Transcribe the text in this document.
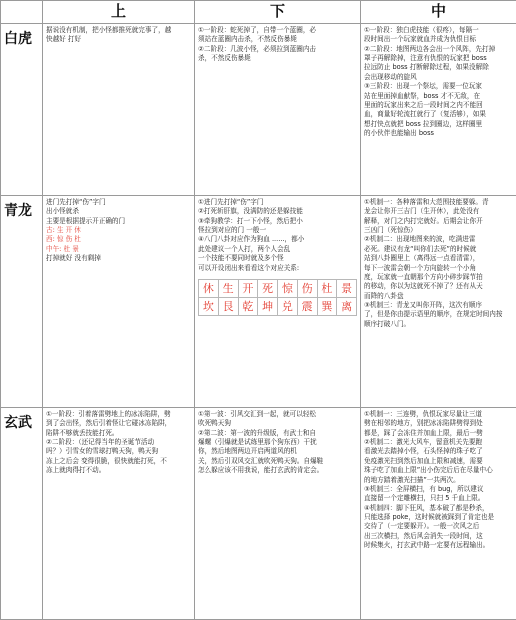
	上	下	中
白虎	
据说没有机制，把小怪都推死就完事了，越
快越好 打好

①一阶段：蛇死掉了，自带一个蓝圈，必
须站在蓝圈内击杀，不然反伤暴毙
②二阶段：几波小怪，必须拉到蓝圈内击
杀，不然反伤暴毙

①一阶段：独白虎技能（很疼），每隔一
段时间出一个玩家就血并成为仇恨目标
②二阶段：地图两边各会出一个风阵，先打掉
罩子再解除掉，注意有仇恨的玩家把 boss
拉远防止 boss 打断解除过程，如果没解除
会出现移动的旋风
③三阶段：出现一个祭坛，需要一位玩家
站在里面掉血献祭，boss 才不无敌，在
里面的玩家出来之后一段时间之内不能回
血，商量好轮流扛就行了（复活够），如果
想打快点就把 boss 拉到圈边，这样圈里
的小伙伴也能输出 boss

青龙	
进门先打掉“伤”字门
出小怪就杀
主要是根据提示开正确的门
古: 生 开 休
西: 惊 伤 杜
中午: 杜 景
打掉就好 没有剩掉

①进门先打掉“伤”字门
②打死斩肝旗，没满防的还是躲技能
③牵狗教学：打一下小怪，然后把小
怪拉到对应的门 一般一
④八门八卦对应作为狗血 ......，都小
此处建议一个人打，两个人会乱
一个技能不要同时就及多个怪
可以开设闭出来看看这个对应关系:
休	生	开	死	惊	伤	杜	景
坎	艮	乾	坤	兑	震	巽	离

①机制一：各种落雷和大范围技能要躲。青
龙会让你开三吉门（生开休），此处没有
解释，对门之内打完就好。后期会让你开
三凶门（死惊伤）
②机制二：出现地图来的波，吃满进雷
必死。建议有龙“叫你们去死”的时候就
站到八卦圈里上（离得远一点看清雷），
每下一波雷会朝一个方向旋转一个小角
度，玩家就一直朝那个方向小碎步踩节拍
的移动，你以为这就死不掉了？还有从天
而降的八卦盘
③机制三：青龙又叫你开阵，这次有顺序
了，但是你由提示语里的顺序，在规定时间内按
顺序打破八门。

玄武	
①一阶段：引着落雷劈地上的冰冻陷阱，劈
到了会出怪，然后引着怪让它碰冰冻陷阱，
陷阱不够就丢技能打死。
②二阶段：（还记得当年的圣诞节活动
吗？）引雪女的雪球打鸭天狗，鸭天狗
冻上之后会 变得很脆，很快就能打死，不
冻上就肉得打不动。

①第一波：引风交汇到一起，就可以轻松
吹死鸭天狗
②第二波：第一波的升级版，有武士和自
爆螺（引爆就是试练里那个狗东西）干扰
你，然后地图两边开启两道风的机
关，然后引双风交汇就吹死鸭天狗。自爆鞋
怎么躲应该不用我说，能打玄武的肯定会。

①机制一：三连劈，仇恨玩家尽量让三道
劈在相邻的地方，别把冰冻陷阱劈得到处
都是，踩了会冻住并加血上限，最后一劈
②机制二：激光大风车，留意机关先要跑
看激光去踏掉小怪，石头怪掉的珠子吃了
免疫激光扫到然后加血上限和减速，需要
珠子吃了加血上限”出小伤完后后在尽量中心
的地方踏着激光扫描”一共两次。
③机制三：全屏横扫，有 bug，所以建议
直接留一个定雕横扫，只扫 5 千血上限。
④机制四：脚下狂风，基本破了都是秒杀，
只能选择 poke，这时候就被踩到了肯定也是
交待了（一定要躲开）。一般一次风之后
出三次横扫，然后风会消失一段时间，这
时候集火，打玄武中路一定要有远程输出。
